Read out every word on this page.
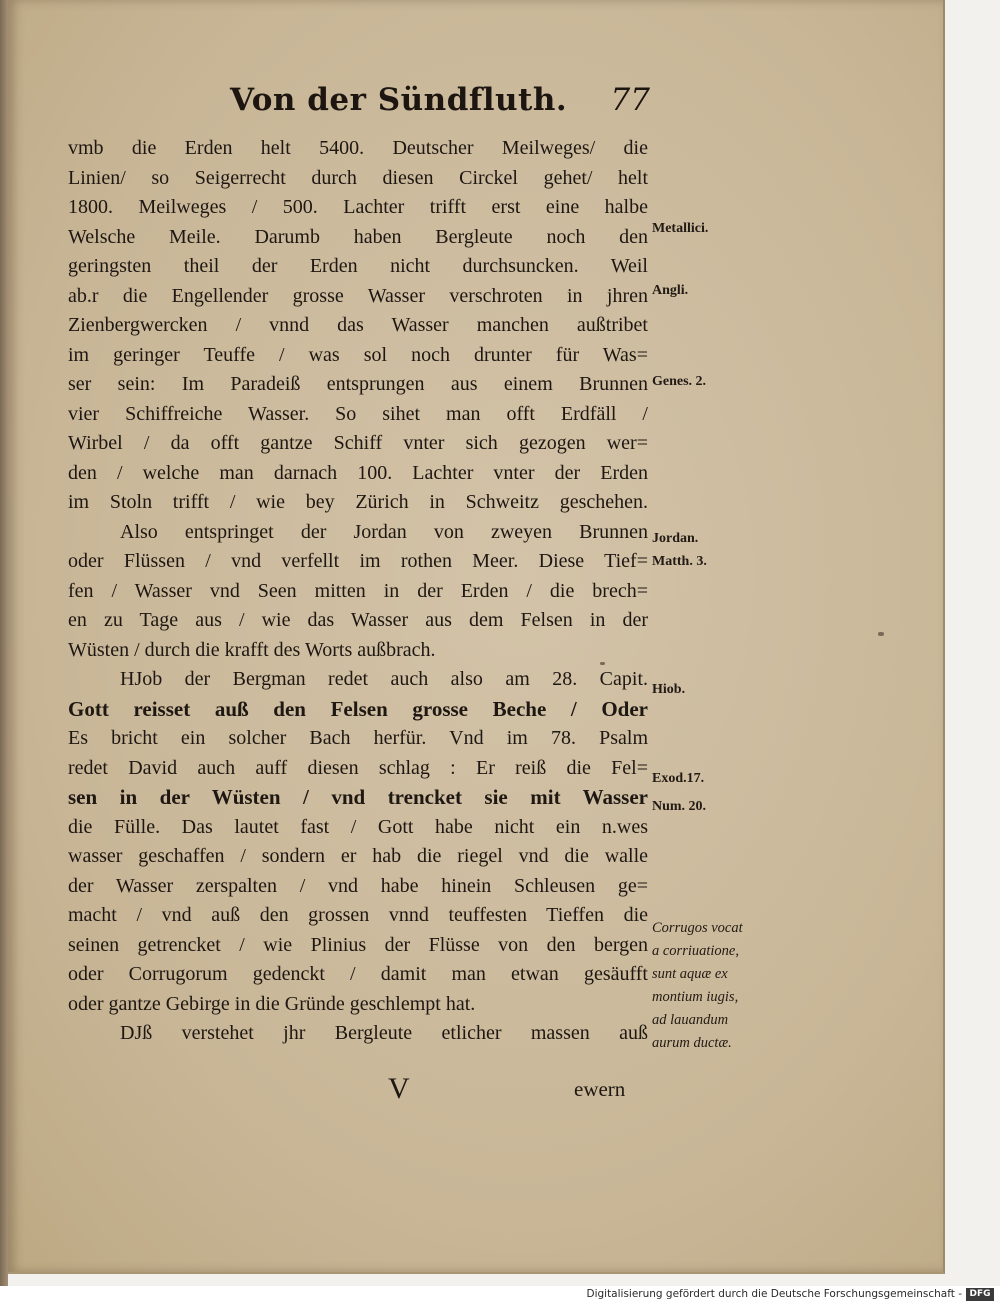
Von der Sündfluth. 77
vmb die Erden helt 5400. Deutscher Meilweges/ die
Linien/ so Seigerrecht durch diesen Circkel gehet/ helt
1800. Meilweges / 500. Lachter trifft erst eine halbe
Welsche Meile. Darumb haben Bergleute noch den
geringsten theil der Erden nicht durchsuncken. Weil
ab.r die Engellender grosse Wasser verschroten in jhren
Zienbergwercken / vnnd das Wasser manchen außtribet
im geringer Teuffe / was sol noch drunter für Was=
ser sein: Im Paradeiß entsprungen aus einem Brunnen
vier Schiffreiche Wasser. So sihet man offt Erdfäll /
Wirbel / da offt gantze Schiff vnter sich gezogen wer=
den / welche man darnach 100. Lachter vnter der Erden
im Stoln trifft / wie bey Zürich in Schweitz geschehen.
Also entspringet der Jordan von zweyen Brunnen
oder Flüssen / vnd verfellt im rothen Meer. Diese Tief=
fen / Wasser vnd Seen mitten in der Erden / die brech=
en zu Tage aus / wie das Wasser aus dem Felsen in der
Wüsten / durch die krafft des Worts außbrach.
HJob der Bergman redet auch also am 28. Capit.
Gott reisset auß den Felsen grosse Beche / Oder
Es bricht ein solcher Bach herfür. Vnd im 78. Psalm
redet David auch auff diesen schlag : Er reiß die Fel=
sen in der Wüsten / vnd trencket sie mit Wasser
die Fülle. Das lautet fast / Gott habe nicht ein n.wes
wasser geschaffen / sondern er hab die riegel vnd die walle
der Wasser zerspalten / vnd habe hinein Schleusen ge=
macht / vnd auß den grossen vnnd teuffesten Tieffen die
seinen getrencket / wie Plinius der Flüsse von den bergen
oder Corrugorum gedenckt / damit man etwan gesäufft
oder gantze Gebirge in die Gründe geschlempt hat.
DJß verstehet jhr Bergleute etlicher massen auß
V	ewern
Metallici.
Angli.
Genes. 2.
Jordan.
Matth. 3.
Hiob.
Exod.17.
Num. 20.
Corrugos vocat
a corriuatione,
sunt aquæ ex
montium iugis,
ad lauandum
aurum ductæ.
Digitalisierung gefördert durch die Deutsche Forschungsgemeinschaft - DFG
